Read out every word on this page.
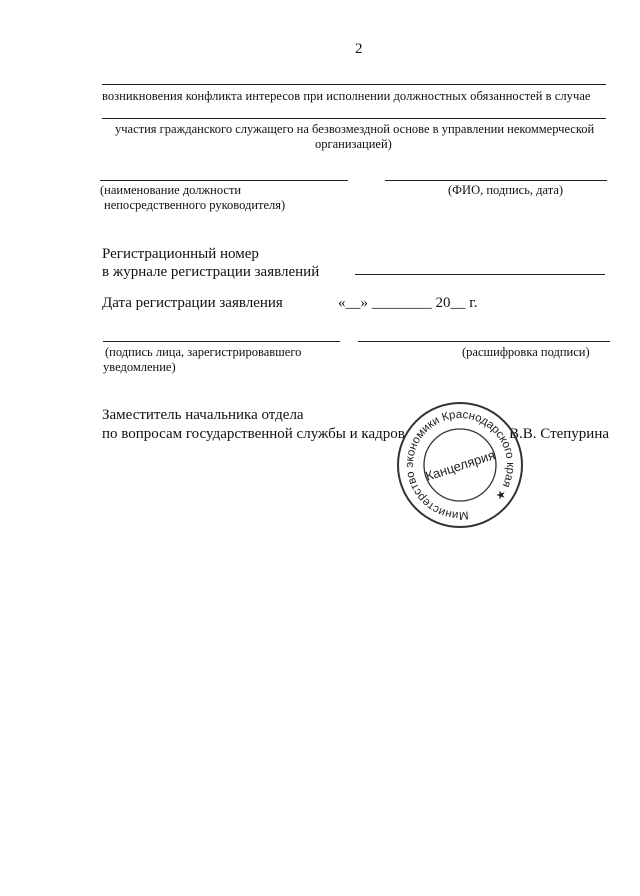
2
возникновения конфликта интересов при исполнении должностных обязанностей в случае
участия гражданского служащего на безвозмездной основе в управлении некоммерческой
организацией)
(наименование должности
непосредственного руководителя)
(ФИО, подпись, дата)
Регистрационный номер
в журнале регистрации заявлений
Дата регистрации заявления	«__» ________ 20__ г.
(подпись лица, зарегистрировавшего
уведомление)
(расшифровка подписи)
Заместитель начальника отдела
по вопросам государственной службы и кадров	В.В. Степурина
Министерство экономики Краснодарского края ★
Канцелярия
